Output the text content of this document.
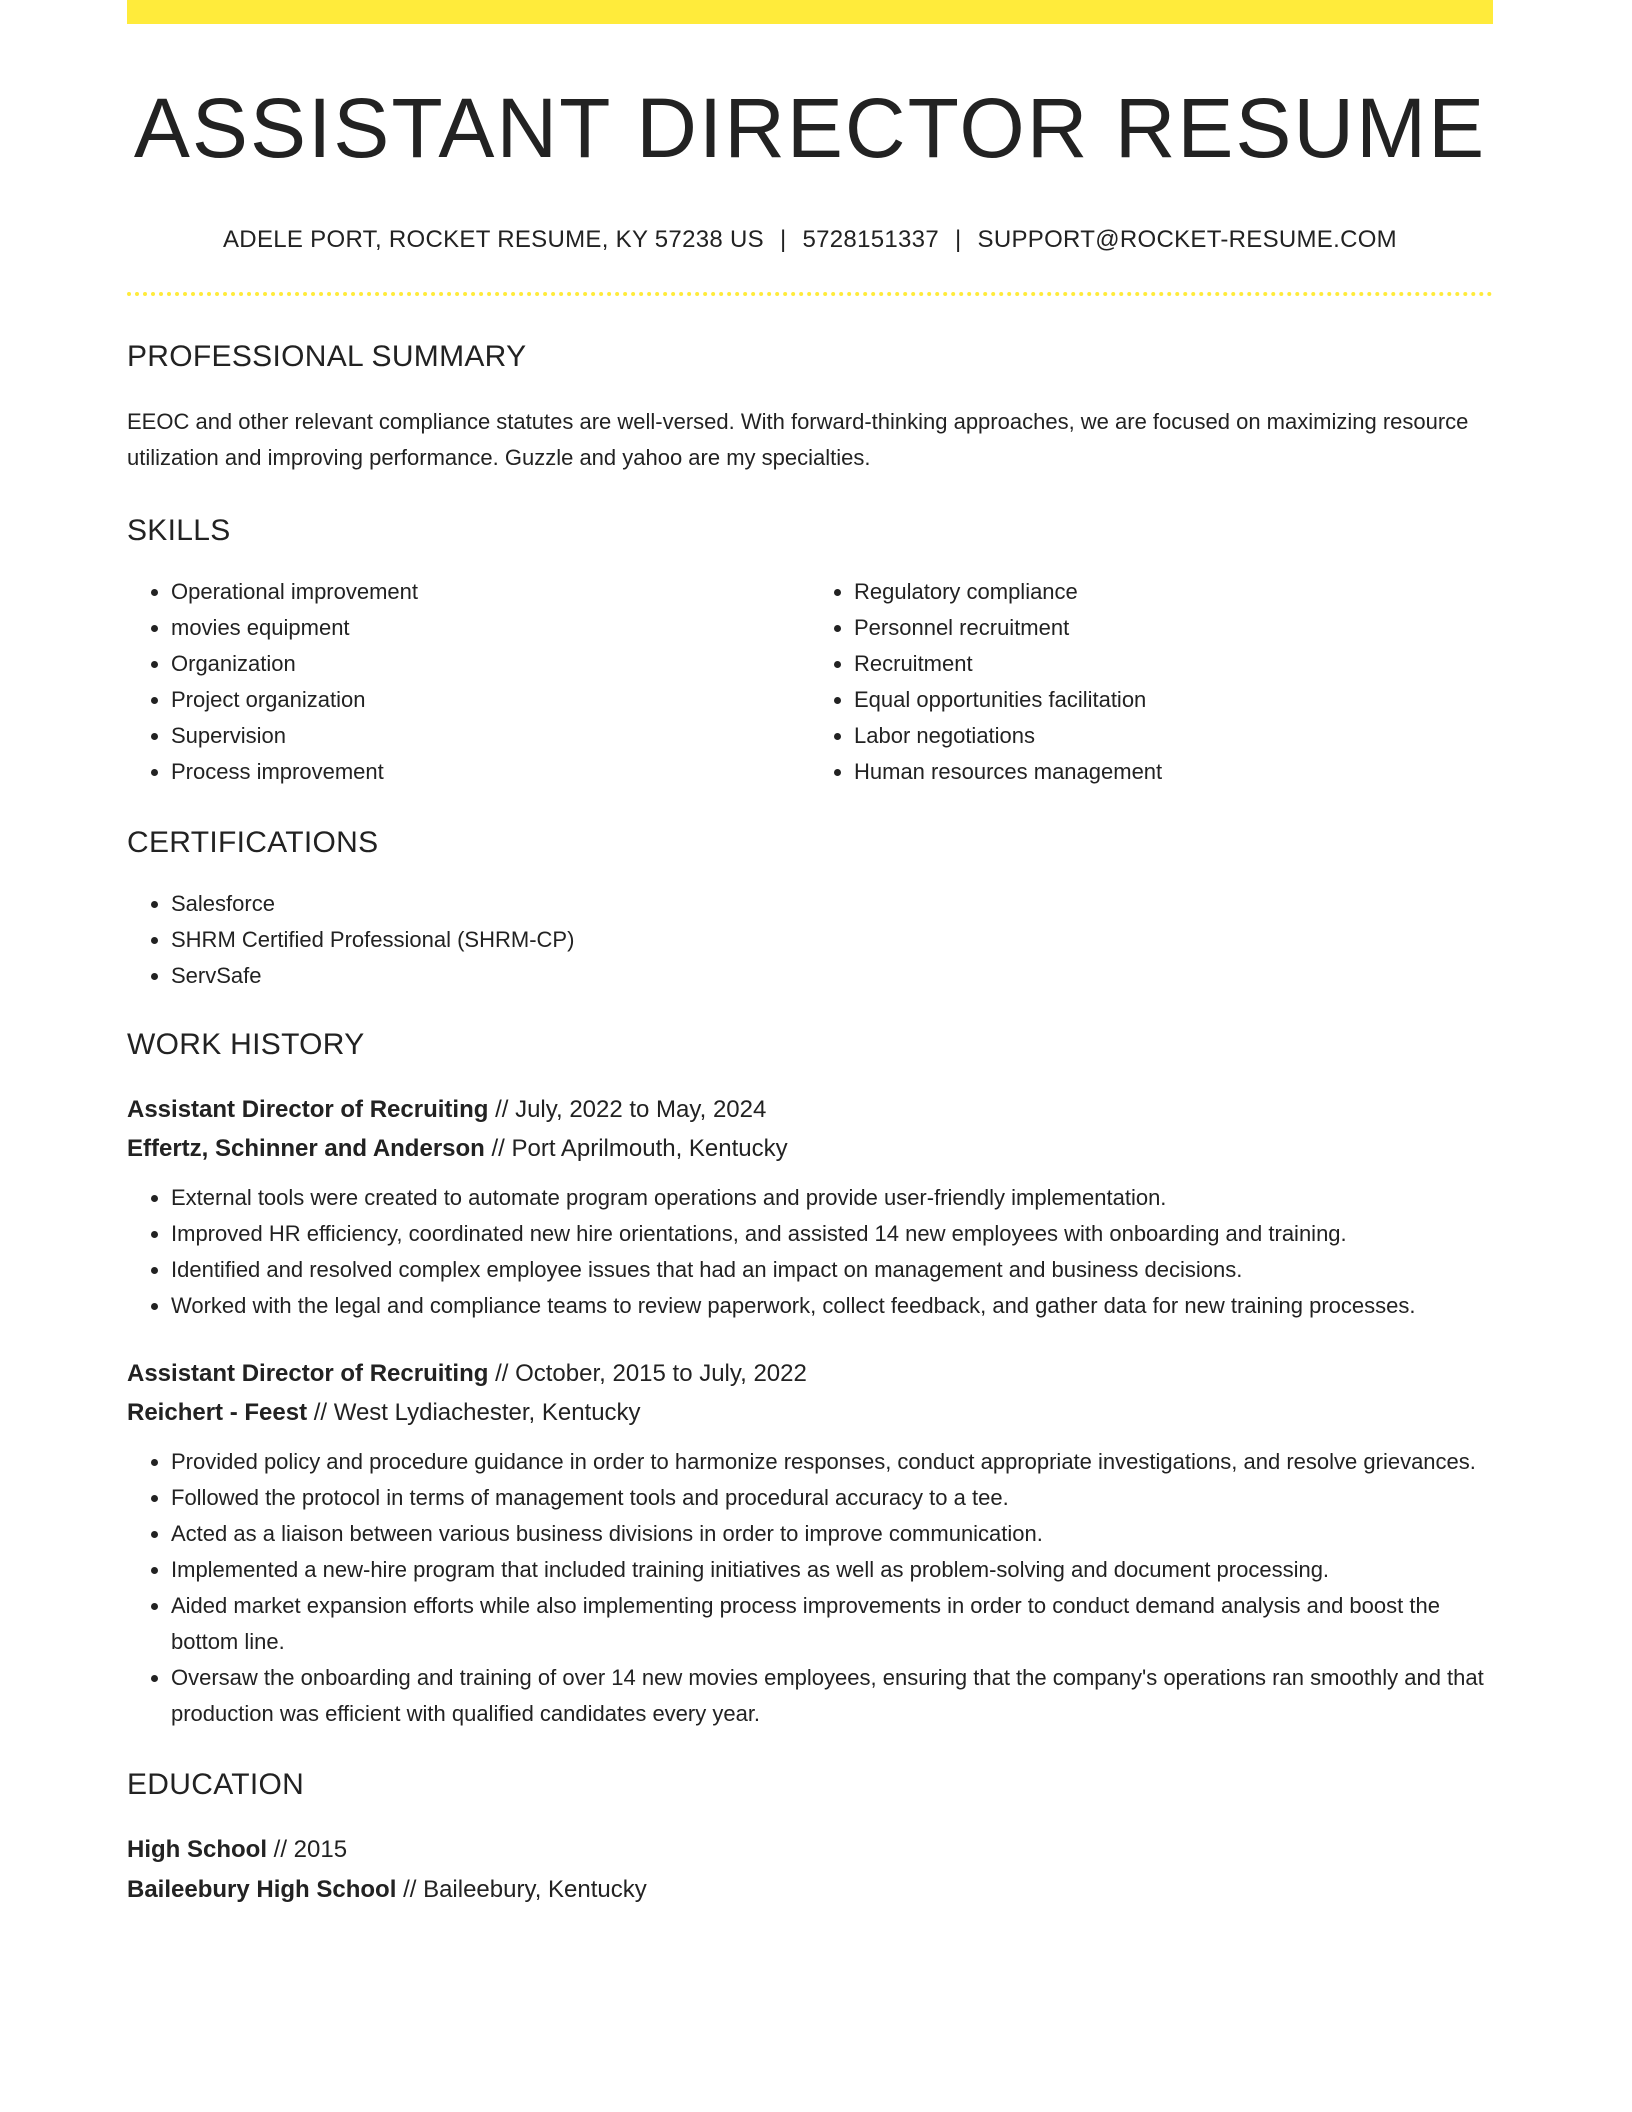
ASSISTANT DIRECTOR RESUME
ADELE PORT, ROCKET RESUME, KY 57238 US | 5728151337 | SUPPORT@ROCKET-RESUME.COM
PROFESSIONAL SUMMARY

EEOC and other relevant compliance statutes are well-versed. With forward-thinking approaches, we are focused on maximizing resource utilization and improving performance. Guzzle and yahoo are my specialties.

SKILLS
• Operational improvement
• movies equipment
• Organization
• Project organization
• Supervision
• Process improvement
• Regulatory compliance
• Personnel recruitment
• Recruitment
• Equal opportunities facilitation
• Labor negotiations
• Human resources management
CERTIFICATIONS
• Salesforce
• SHRM Certified Professional (SHRM-CP)
• ServSafe
WORK HISTORY
Assistant Director of Recruiting // July, 2022 to May, 2024
Effertz, Schinner and Anderson // Port Aprilmouth, Kentucky
• External tools were created to automate program operations and provide user-friendly implementation.
• Improved HR efficiency, coordinated new hire orientations, and assisted 14 new employees with onboarding and training.
• Identified and resolved complex employee issues that had an impact on management and business decisions.
• Worked with the legal and compliance teams to review paperwork, collect feedback, and gather data for new training processes.
Assistant Director of Recruiting // October, 2015 to July, 2022
Reichert - Feest // West Lydiachester, Kentucky
• Provided policy and procedure guidance in order to harmonize responses, conduct appropriate investigations, and resolve grievances.
• Followed the protocol in terms of management tools and procedural accuracy to a tee.
• Acted as a liaison between various business divisions in order to improve communication.
• Implemented a new-hire program that included training initiatives as well as problem-solving and document processing.
• Aided market expansion efforts while also implementing process improvements in order to conduct demand analysis and boost the bottom line.
• Oversaw the onboarding and training of over 14 new movies employees, ensuring that the company's operations ran smoothly and that production was efficient with qualified candidates every year.
EDUCATION
High School // 2015
Baileebury High School // Baileebury, Kentucky
